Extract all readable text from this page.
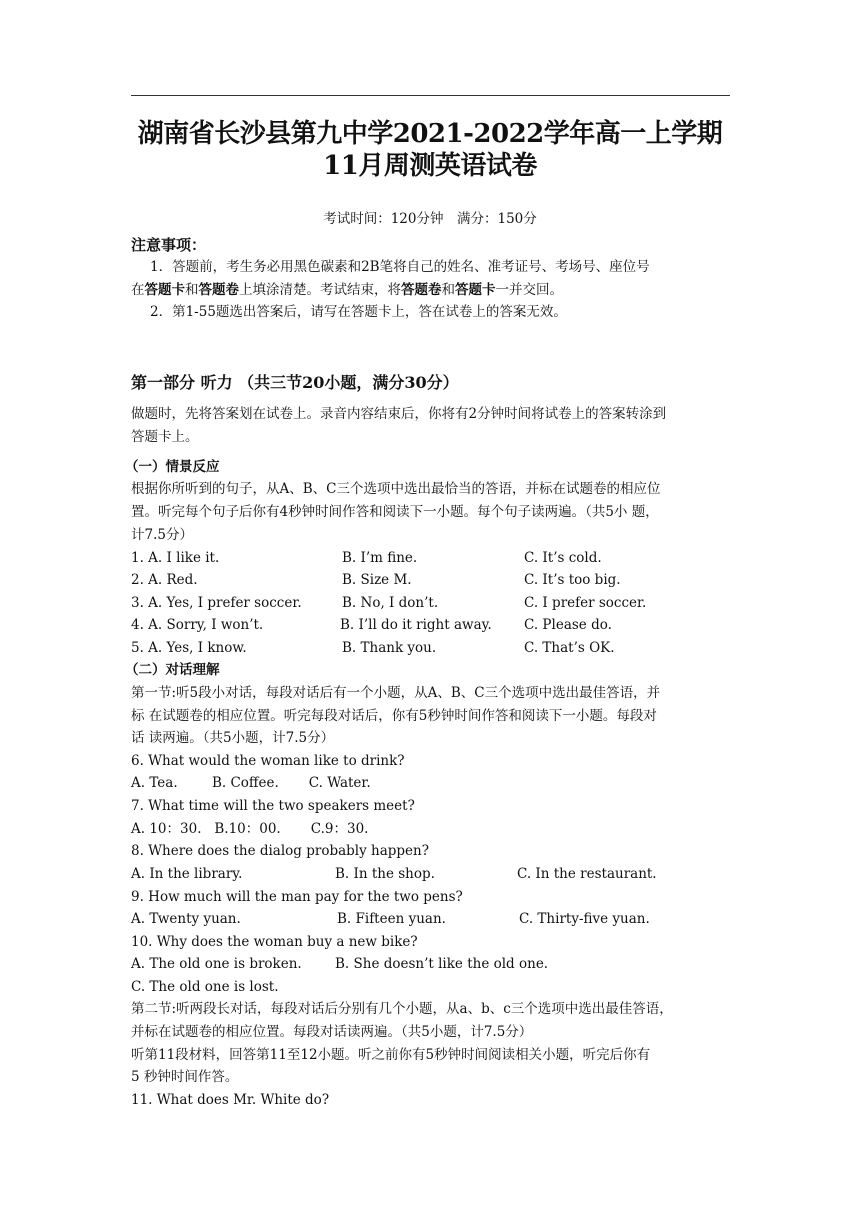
湖南省长沙县第九中学2021-2022学年高一上学期11月周测英语试卷
考试时间：120分钟　满分：150分
注意事项：
1．答题前，考生务必用黑色碳素和2B笔将自己的姓名、准考证号、考场号、座位号
在答题卡和答题卷上填涂清楚。考试结束，将答题卷和答题卡一并交回。
2．第1-55题选出答案后，请写在答题卡上，答在试卷上的答案无效。
第一部分 听力 （共三节20小题，满分30分）
做题时，先将答案划在试卷上。录音内容结束后，你将有2分钟时间将试卷上的答案转涂到
答题卡上。
（一）情景反应
根据你所听到的句子，从A、B、C三个选项中选出最恰当的答语，并标在试题卷的相应位
置。听完每个句子后你有4秒钟时间作答和阅读下一小题。每个句子读两遍。（共5小 题，
计7.5分）
1. A. I like it.	B. I’m fine.	C. It’s cold.
2. A. Red.	B. Size M.	C. It’s too big.
3. A. Yes, I prefer soccer.	B. No, I don’t.	C. I prefer soccer.
4. A. Sorry, I won’t.	B. I’ll do it right away. C. Please do.
5. A. Yes, I know.	B. Thank you.	C. That’s OK.
（二）对话理解
第一节:听5段小对话，每段对话后有一个小题，从A、B、C三个选项中选出最佳答语，并
标 在试题卷的相应位置。听完每段对话后，你有5秒钟时间作答和阅读下一小题。每段对
话 读两遍。（共5小题，计7.5分）
6. What would the woman like to drink?
A. Tea.        B. Coffee.       C. Water.
7. What time will the two speakers meet?
A. 10：30.   B.10：00.       C.9：30.
8. Where does the dialog probably happen?
A. In the library.	B. In the shop.	C. In the restaurant.
9. How much will the man pay for the two pens?
A. Twenty yuan.	B. Fifteen yuan.	C. Thirty-five yuan.
10. Why does the woman buy a new bike?
A. The old one is broken. B. She doesn’t like the old one.
C. The old one is lost.
第二节:听两段长对话，每段对话后分别有几个小题，从a、b、c三个选项中选出最佳答语，
并标在试题卷的相应位置。每段对话读两遍。（共5小题，计7.5分）
听第11段材料，回答第11至12小题。听之前你有5秒钟时间阅读相关小题，听完后你有
5 秒钟时间作答。
11. What does Mr. White do?
